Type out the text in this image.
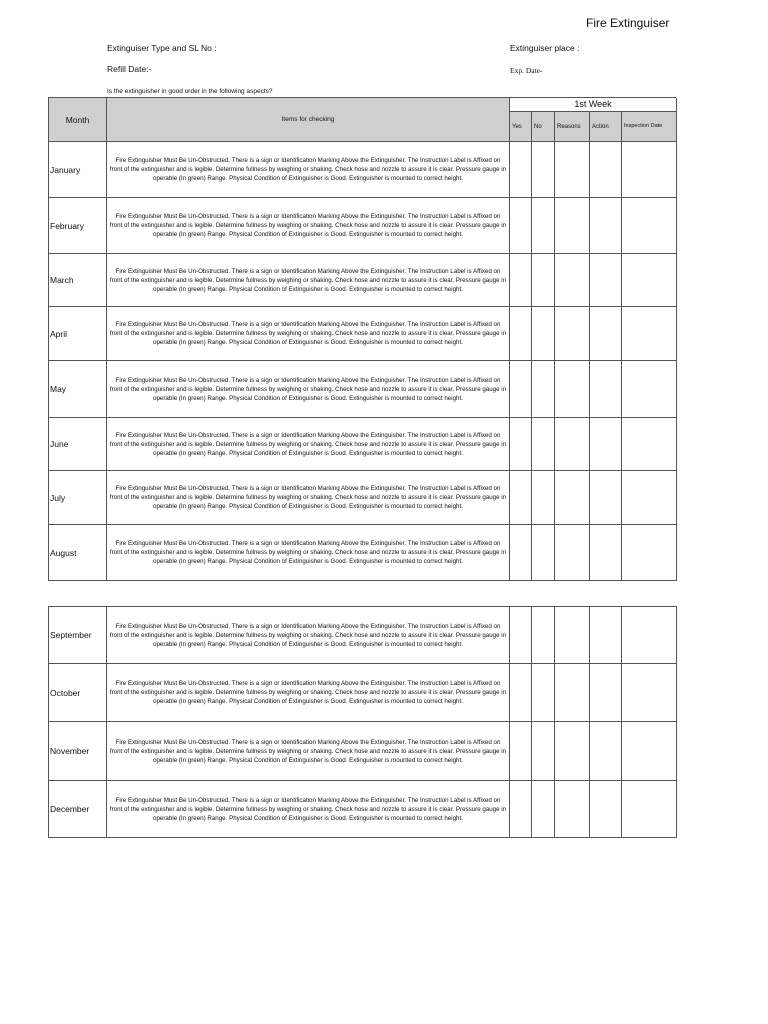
Fire Extinguiser
Extinguiser Type and SL No :	Extinguiser place :
Refill Date:-	Exp. Date-
Is the extinguisher in good order in the following aspects?
Month	Items for checking	1st Week				
		Yes	No	Reasons	Action	Inspection Date
January	Fire Extinguisher Must Be Un-Obstructed. There is a sign or Identification Marking Above the Extinguisher. The Instruction Label is Affixed on front of the extinguisher and is legible. Determine fullness by weighing or shaking. Check hose and nozzle to assure it is clear. Pressure gauge in operable (In green) Range. Physical Condition of Extinguisher is Good. Extinguisher is mounted to correct height.					
February	Fire Extinguisher Must Be Un-Obstructed. There is a sign or Identification Marking Above the Extinguisher. The Instruction Label is Affixed on front of the extinguisher and is legible. Determine fullness by weighing or shaking. Check hose and nozzle to assure it is clear. Pressure gauge in operable (In green) Range. Physical Condition of Extinguisher is Good. Extinguisher is mounted to correct height.					
March	Fire Extinguisher Must Be Un-Obstructed. There is a sign or Identification Marking Above the Extinguisher. The Instruction Label is Affixed on front of the extinguisher and is legible. Determine fullness by weighing or shaking. Check hose and nozzle to assure it is clear. Pressure gauge in operable (In green) Range. Physical Condition of Extinguisher is Good. Extinguisher is mounted to correct height.					
April	Fire Extinguisher Must Be Un-Obstructed. There is a sign or Identification Marking Above the Extinguisher. The Instruction Label is Affixed on front of the extinguisher and is legible. Determine fullness by weighing or shaking. Check hose and nozzle to assure it is clear. Pressure gauge in operable (In green) Range. Physical Condition of Extinguisher is Good. Extinguisher is mounted to correct height.					
May	Fire Extinguisher Must Be Un-Obstructed. There is a sign or Identification Marking Above the Extinguisher. The Instruction Label is Affixed on front of the extinguisher and is legible. Determine fullness by weighing or shaking. Check hose and nozzle to assure it is clear. Pressure gauge in operable (In green) Range. Physical Condition of Extinguisher is Good. Extinguisher is mounted to correct height.					
June	Fire Extinguisher Must Be Un-Obstructed. There is a sign or Identification Marking Above the Extinguisher. The Instruction Label is Affixed on front of the extinguisher and is legible. Determine fullness by weighing or shaking. Check hose and nozzle to assure it is clear. Pressure gauge in operable (In green) Range. Physical Condition of Extinguisher is Good. Extinguisher is mounted to correct height.					
July	Fire Extinguisher Must Be Un-Obstructed. There is a sign or Identification Marking Above the Extinguisher. The Instruction Label is Affixed on front of the extinguisher and is legible. Determine fullness by weighing or shaking. Check hose and nozzle to assure it is clear. Pressure gauge in operable (In green) Range. Physical Condition of Extinguisher is Good. Extinguisher is mounted to correct height.					
August	Fire Extinguisher Must Be Un-Obstructed. There is a sign or Identification Marking Above the Extinguisher. The Instruction Label is Affixed on front of the extinguisher and is legible. Determine fullness by weighing or shaking. Check hose and nozzle to assure it is clear. Pressure gauge in operable (In green) Range. Physical Condition of Extinguisher is Good. Extinguisher is mounted to correct height.					
September	Fire Extinguisher Must Be Un-Obstructed. There is a sign or Identification Marking Above the Extinguisher. The Instruction Label is Affixed on front of the extinguisher and is legible. Determine fullness by weighing or shaking. Check hose and nozzle to assure it is clear. Pressure gauge in operable (In green) Range. Physical Condition of Extinguisher is Good. Extinguisher is mounted to correct height.					
October	Fire Extinguisher Must Be Un-Obstructed. There is a sign or Identification Marking Above the Extinguisher. The Instruction Label is Affixed on front of the extinguisher and is legible. Determine fullness by weighing or shaking. Check hose and nozzle to assure it is clear. Pressure gauge in operable (In green) Range. Physical Condition of Extinguisher is Good. Extinguisher is mounted to correct height.					
November	Fire Extinguisher Must Be Un-Obstructed. There is a sign or Identification Marking Above the Extinguisher. The Instruction Label is Affixed on front of the extinguisher and is legible. Determine fullness by weighing or shaking. Check hose and nozzle to assure it is clear. Pressure gauge in operable (In green) Range. Physical Condition of Extinguisher is Good. Extinguisher is mounted to correct height.					
December	Fire Extinguisher Must Be Un-Obstructed. There is a sign or Identification Marking Above the Extinguisher. The Instruction Label is Affixed on front of the extinguisher and is legible. Determine fullness by weighing or shaking. Check hose and nozzle to assure it is clear. Pressure gauge in operable (In green) Range. Physical Condition of Extinguisher is Good. Extinguisher is mounted to correct height.					
